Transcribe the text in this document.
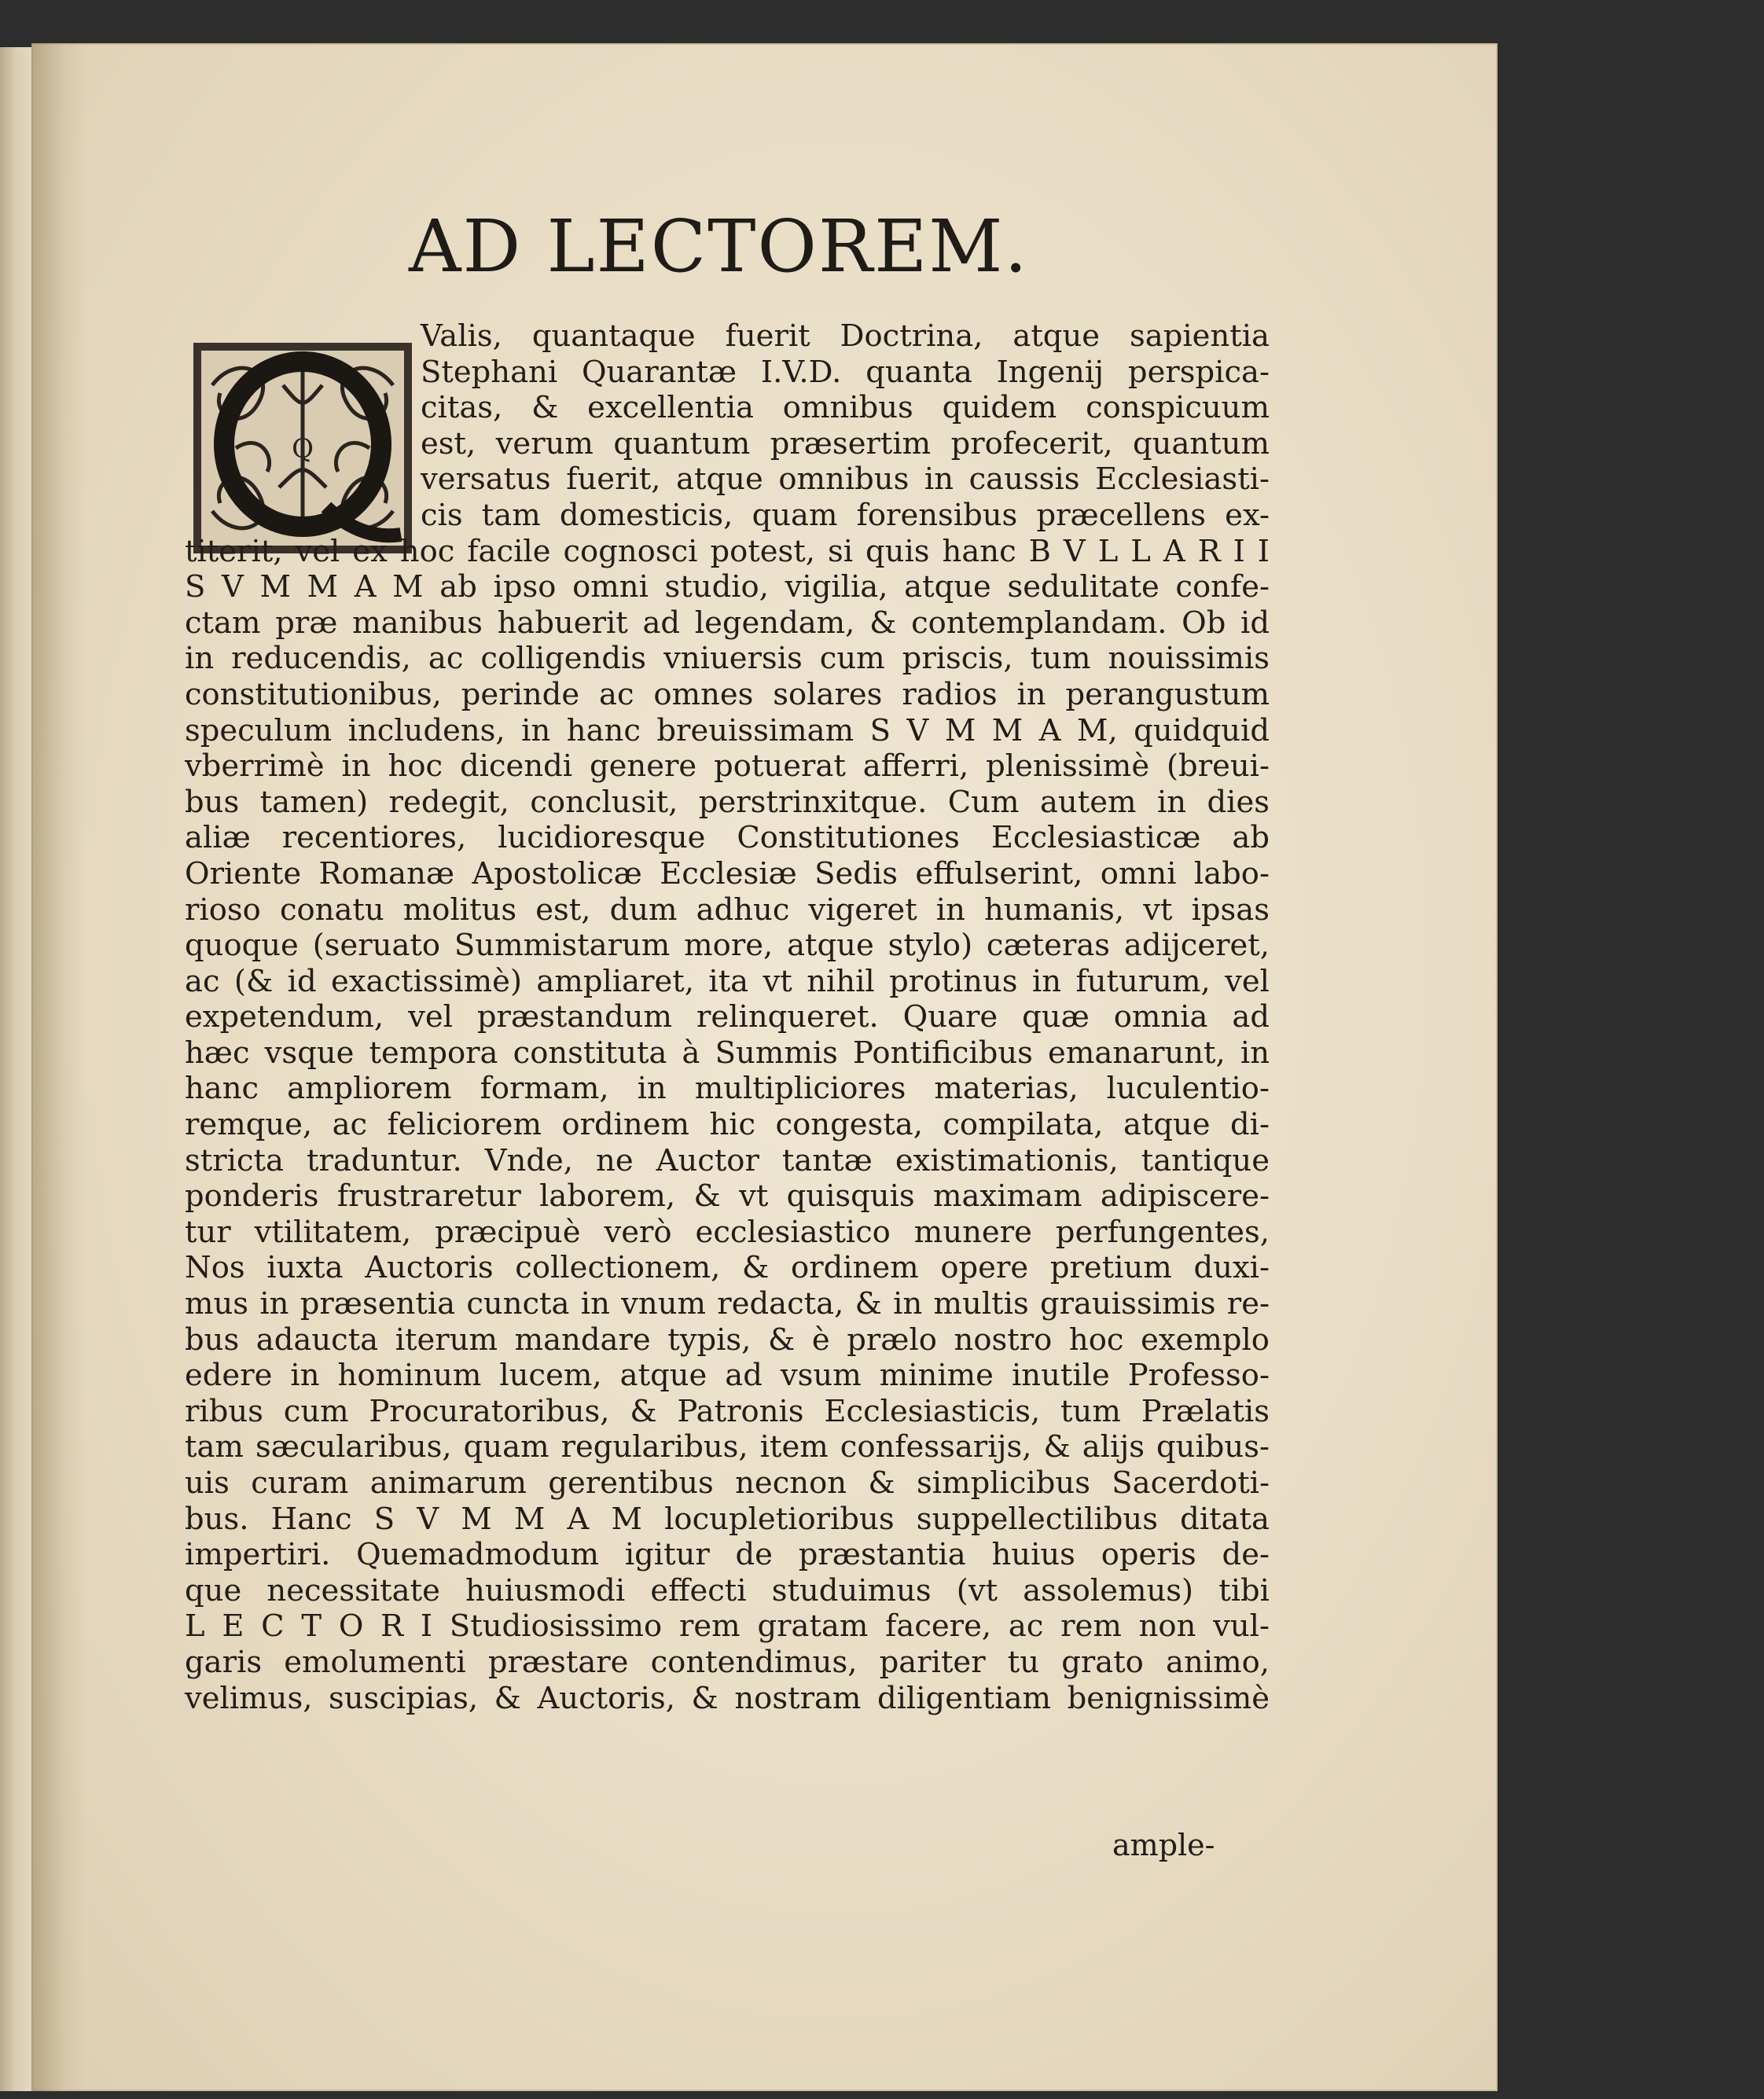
AD LECTOREM.
Q
Valis, quantaque fuerit Doctrina, atque sapientia
Stephani Quarantæ I.V.D. quanta Ingenij perspica-
citas, & excellentia omnibus quidem conspicuum
est, verum quantum præsertim profecerit, quantum
versatus fuerit, atque omnibus in caussis Ecclesiasti-
cis tam domesticis, quam forensibus præcellens ex-
titerit, vel ex hoc facile cognosci potest, si quis hanc B V L L A R I I
S V M M A M ab ipso omni studio, vigilia, atque sedulitate confe-
ctam præ manibus habuerit ad legendam, & contemplandam. Ob id
in reducendis, ac colligendis vniuersis cum priscis, tum nouissimis
constitutionibus, perinde ac omnes solares radios in perangustum
speculum includens, in hanc breuissimam S V M M A M, quidquid
vberrimè in hoc dicendi genere potuerat afferri, plenissimè (breui-
bus tamen) redegit, conclusit, perstrinxitque. Cum autem in dies
aliæ recentiores, lucidioresque Constitutiones Ecclesiasticæ ab
Oriente Romanæ Apostolicæ Ecclesiæ Sedis effulserint, omni labo-
rioso conatu molitus est, dum adhuc vigeret in humanis, vt ipsas
quoque (seruato Summistarum more, atque stylo) cæteras adijceret,
ac (& id exactissimè) ampliaret, ita vt nihil protinus in futurum, vel
expetendum, vel præstandum relinqueret. Quare quæ omnia ad
hæc vsque tempora constituta à Summis Pontificibus emanarunt, in
hanc ampliorem formam, in multipliciores materias, luculentio-
remque, ac feliciorem ordinem hic congesta, compilata, atque di-
stricta traduntur. Vnde, ne Auctor tantæ existimationis, tantique
ponderis frustraretur laborem, & vt quisquis maximam adipiscere-
tur vtilitatem, præcipuè verò ecclesiastico munere perfungentes,
Nos iuxta Auctoris collectionem, & ordinem opere pretium duxi-
mus in præsentia cuncta in vnum redacta, & in multis grauissimis re-
bus adaucta iterum mandare typis, & è prælo nostro hoc exemplo
edere in hominum lucem, atque ad vsum minime inutile Professo-
ribus cum Procuratoribus, & Patronis Ecclesiasticis, tum Prælatis
tam sæcularibus, quam regularibus, item confessarijs, & alijs quibus-
uis curam animarum gerentibus necnon & simplicibus Sacerdoti-
bus. Hanc S V M M A M locupletioribus suppellectilibus ditata
impertiri. Quemadmodum igitur de præstantia huius operis de-
que necessitate huiusmodi effecti studuimus (vt assolemus) tibi
L E C T O R I Studiosissimo rem gratam facere, ac rem non vul-
garis emolumenti præstare contendimus, pariter tu grato animo,
velimus, suscipias, & Auctoris, & nostram diligentiam benignissimè
ample-
